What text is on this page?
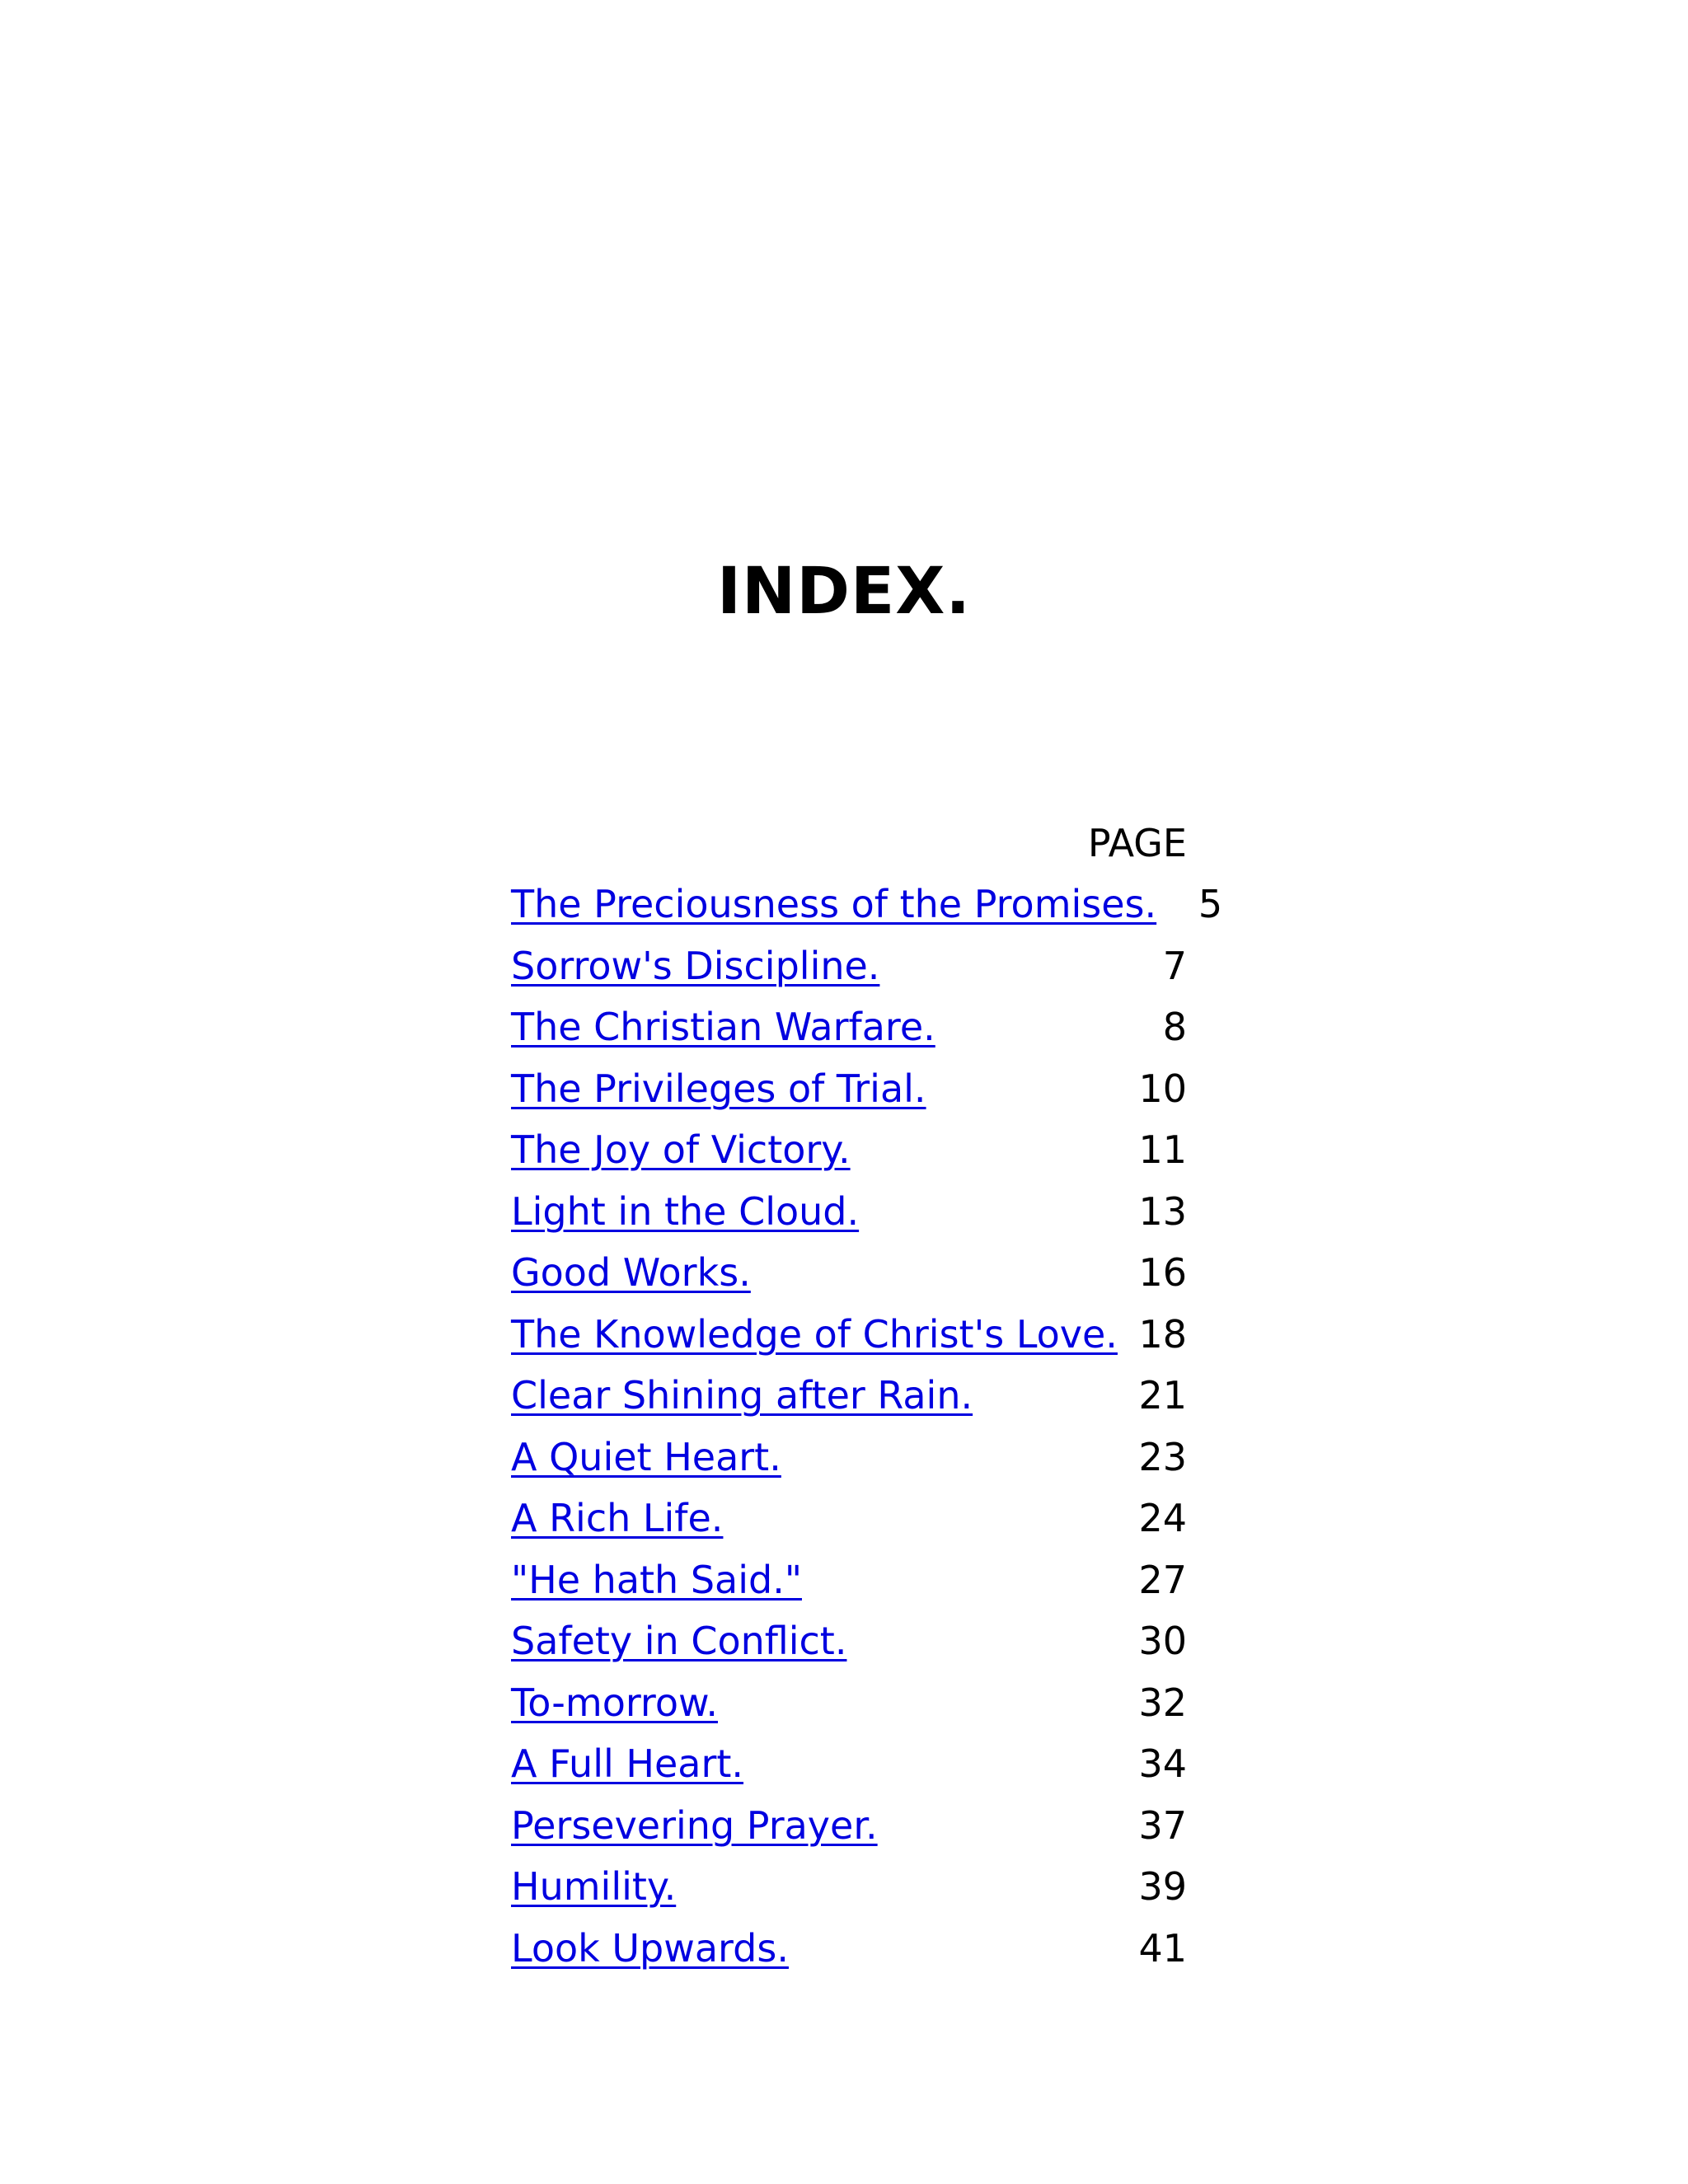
INDEX.
PAGE
The Preciousness of the Promises.	5
Sorrow's Discipline.	7
The Christian Warfare.	8
The Privileges of Trial.	10
The Joy of Victory.	11
Light in the Cloud.	13
Good Works.	16
The Knowledge of Christ's Love. 18
Clear Shining after Rain.	21
A Quiet Heart.	23
A Rich Life.	24
"He hath Said."	27
Safety in Conflict.	30
To-morrow.	32
A Full Heart.	34
Persevering Prayer.	37
Humility.	39
Look Upwards.	41
